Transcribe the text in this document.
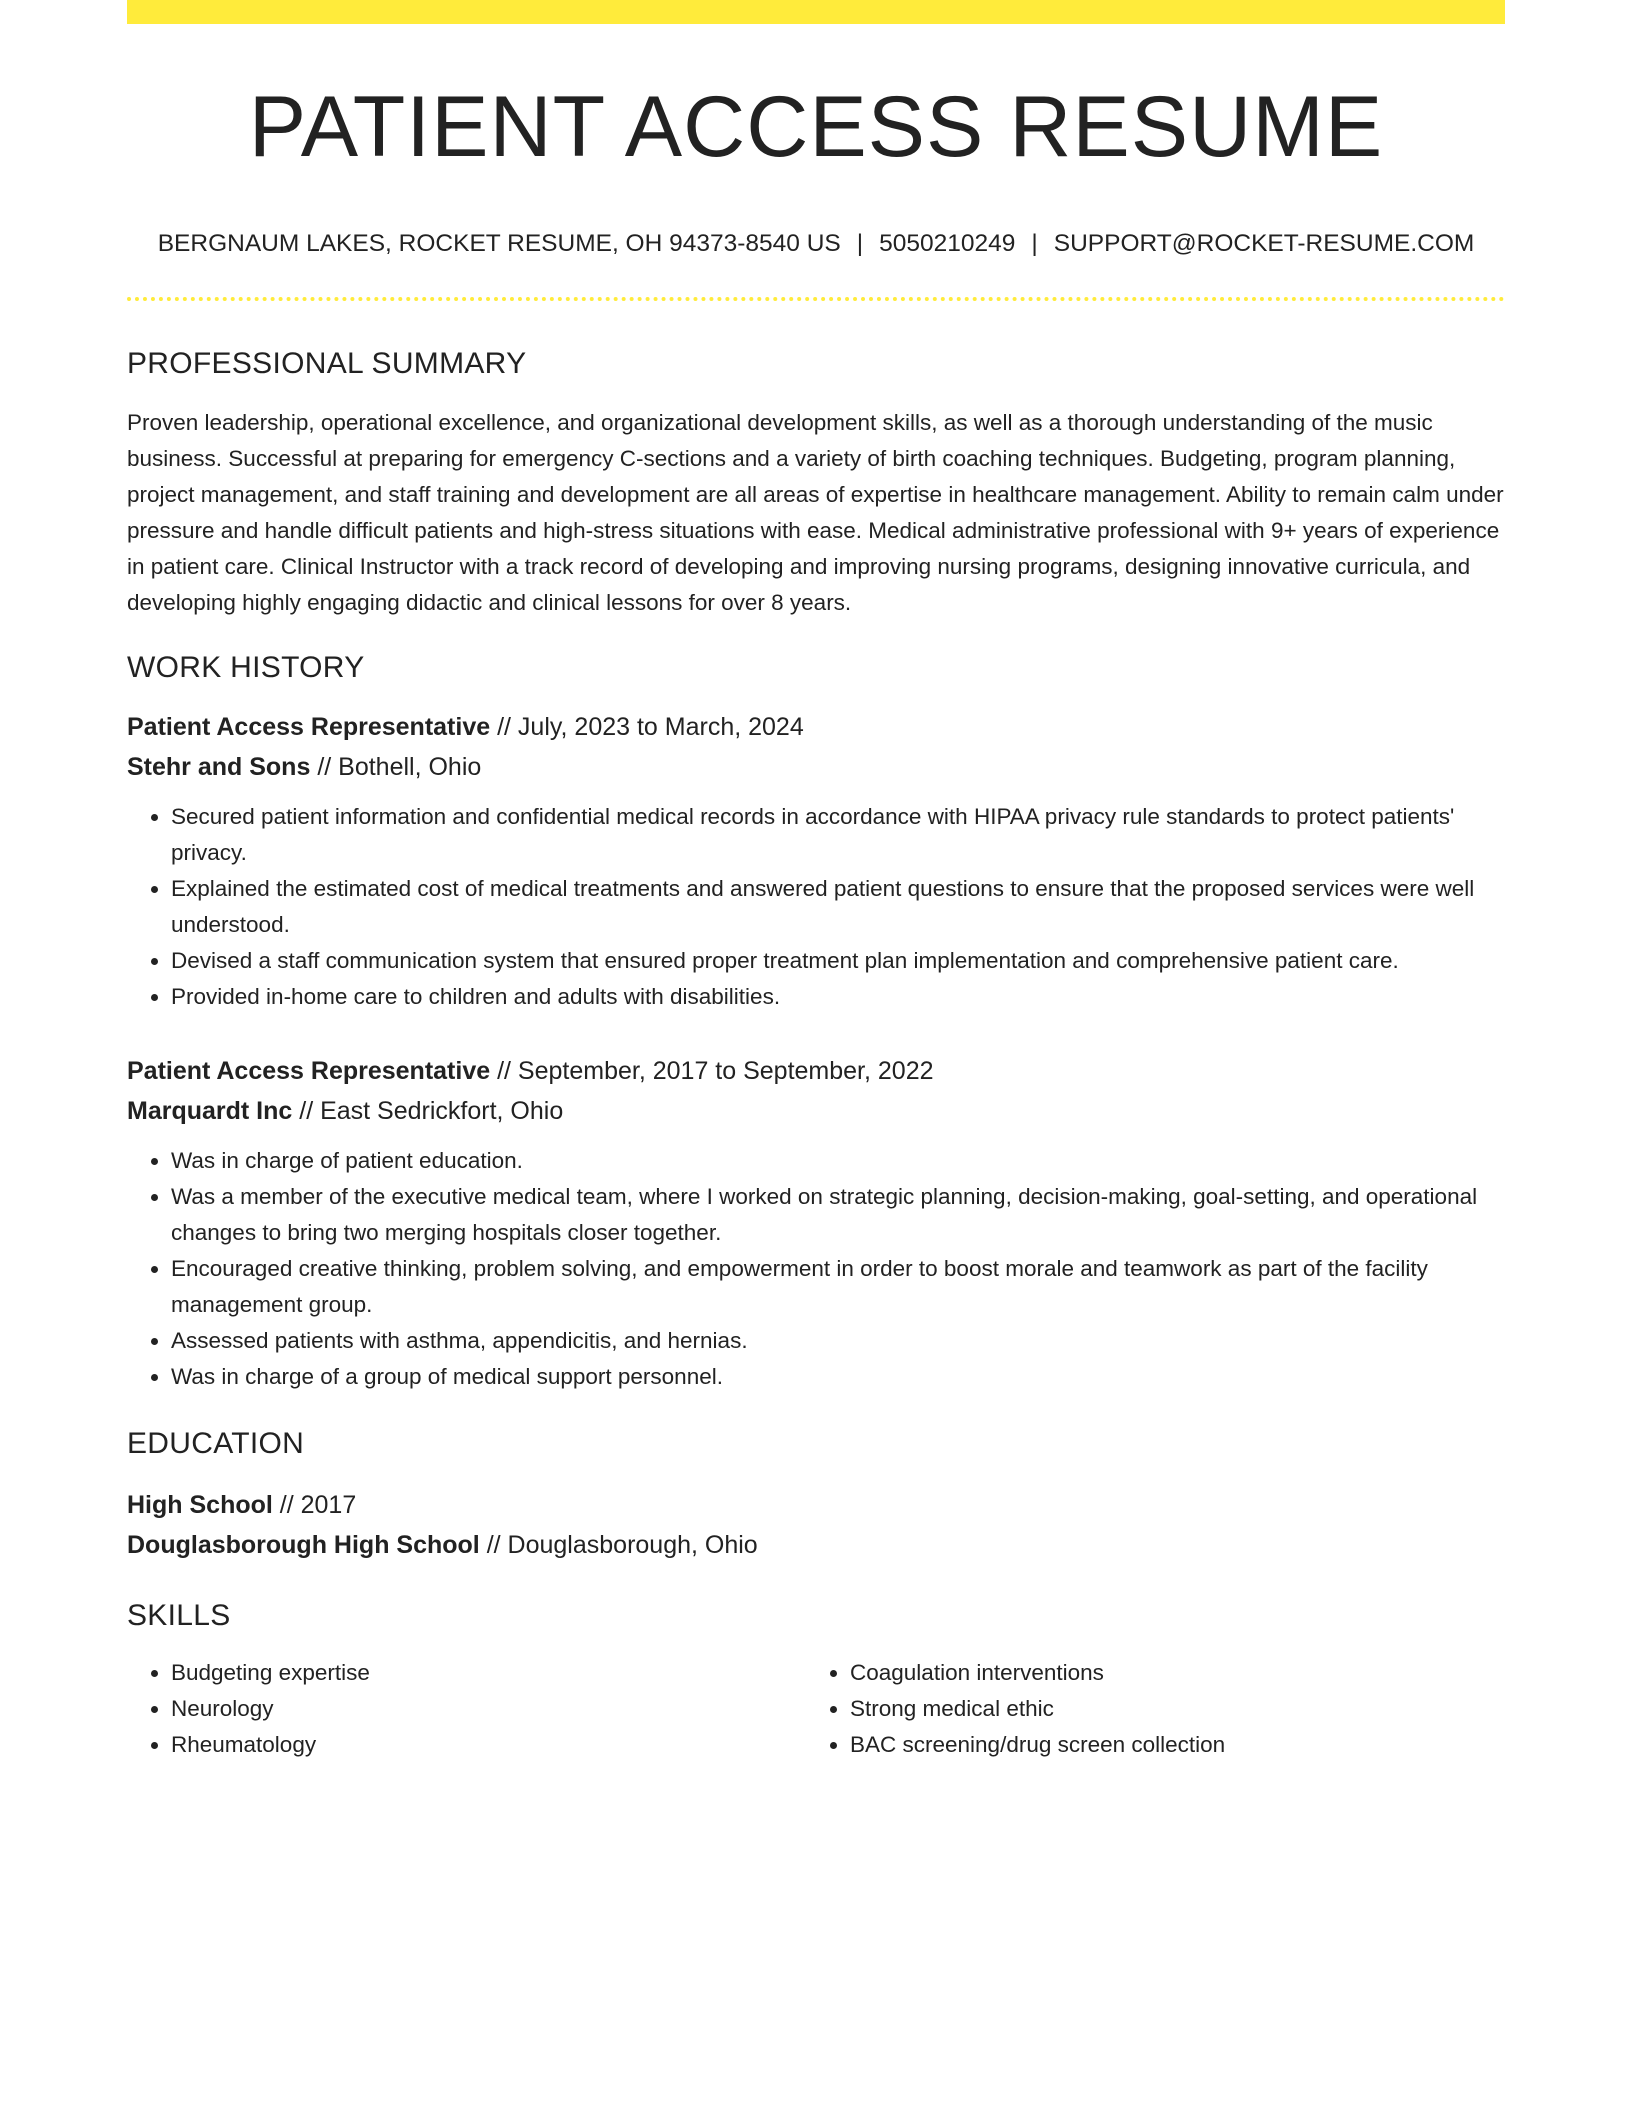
PATIENT ACCESS RESUME
BERGNAUM LAKES, ROCKET RESUME, OH 94373-8540 US | 5050210249 | SUPPORT@ROCKET-RESUME.COM
PROFESSIONAL SUMMARY

Proven leadership, operational excellence, and organizational development skills, as well as a thorough understanding of the music business. Successful at preparing for emergency C-sections and a variety of birth coaching techniques. Budgeting, program planning, project management, and staff training and development are all areas of expertise in healthcare management. Ability to remain calm under pressure and handle difficult patients and high-stress situations with ease. Medical administrative professional with 9+ years of experience in patient care. Clinical Instructor with a track record of developing and improving nursing programs, designing innovative curricula, and developing highly engaging didactic and clinical lessons for over 8 years.

WORK HISTORY
Patient Access Representative // July, 2023 to March, 2024
Stehr and Sons // Bothell, Ohio
• Secured patient information and confidential medical records in accordance with HIPAA privacy rule standards to protect patients' privacy.
• Explained the estimated cost of medical treatments and answered patient questions to ensure that the proposed services were well understood.
• Devised a staff communication system that ensured proper treatment plan implementation and comprehensive patient care.
• Provided in-home care to children and adults with disabilities.
Patient Access Representative // September, 2017 to September, 2022
Marquardt Inc // East Sedrickfort, Ohio
• Was in charge of patient education.
• Was a member of the executive medical team, where I worked on strategic planning, decision-making, goal-setting, and operational changes to bring two merging hospitals closer together.
• Encouraged creative thinking, problem solving, and empowerment in order to boost morale and teamwork as part of the facility management group.
• Assessed patients with asthma, appendicitis, and hernias.
• Was in charge of a group of medical support personnel.
EDUCATION
High School // 2017
Douglasborough High School // Douglasborough, Ohio
SKILLS
• Budgeting expertise
• Neurology
• Rheumatology
• Coagulation interventions
• Strong medical ethic
• BAC screening/drug screen collection
